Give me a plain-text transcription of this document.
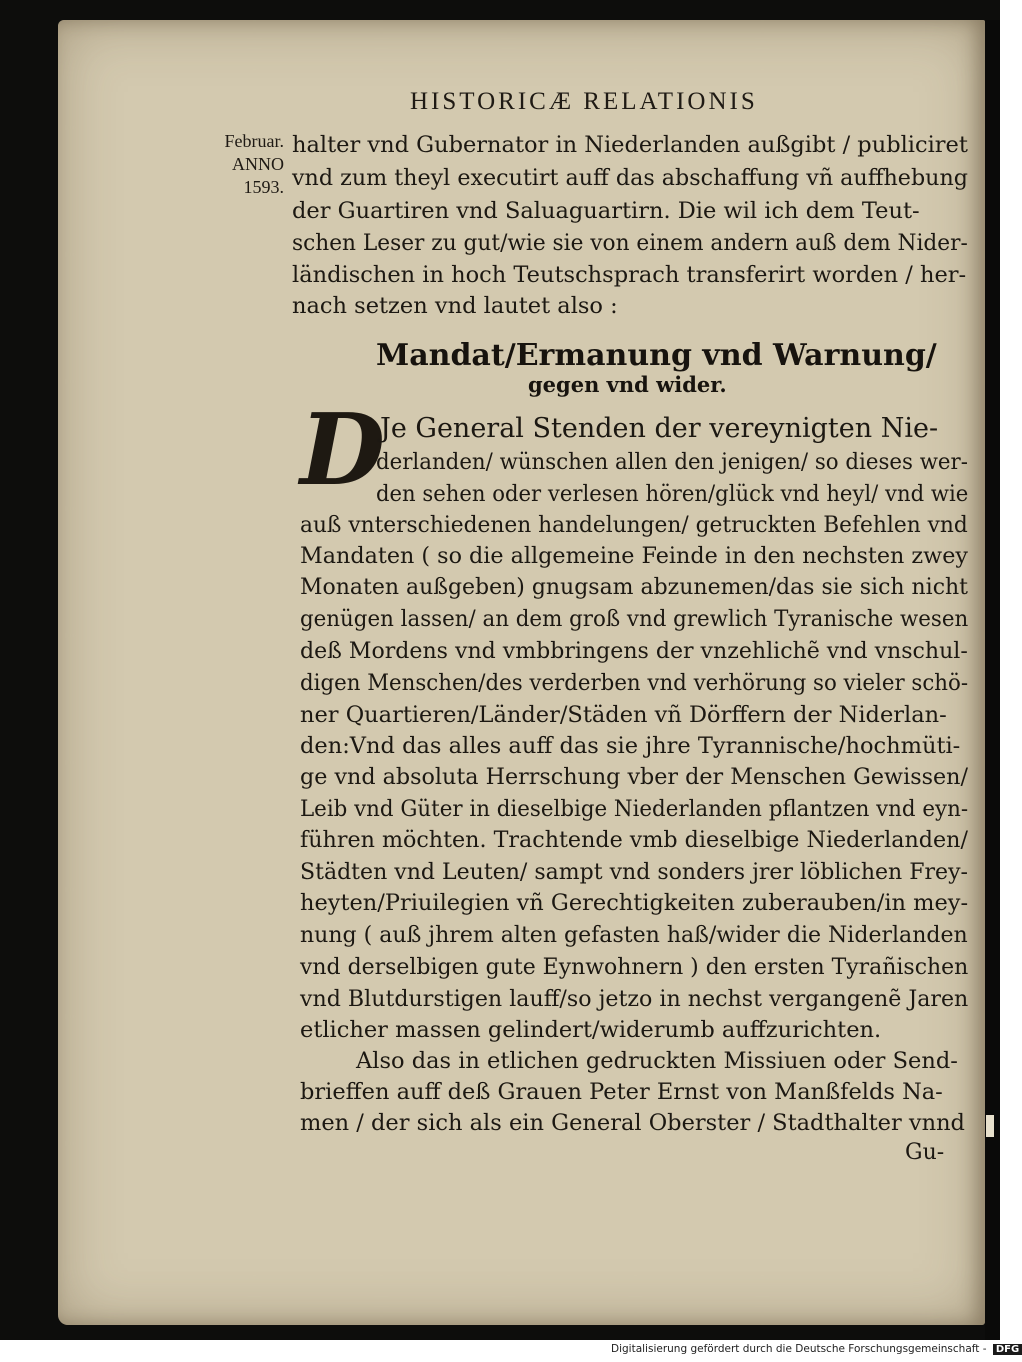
HISTORICÆ RELATIONIS
Februar.
ANNO
1593.
halter vnd Gubernator in Niederlanden außgibt / publiciret
vnd zum theyl executirt auff das abschaffung vñ auffhebung
der Guartiren vnd Saluaguartirn. Die wil ich dem Teut-
schen Leser zu gut/wie sie von einem andern auß dem Nider-
ländischen in hoch Teutschsprach transferirt worden / her-
nach setzen vnd lautet also :
Mandat/Ermanung vnd Warnung/
gegen vnd wider.
D
Je General Stenden der vereynigten Nie-
derlanden/ wünschen allen den jenigen/ so dieses wer-
den sehen oder verlesen hören/glück vnd heyl/ vnd wie
auß vnterschiedenen handelungen/ getruckten Befehlen vnd
Mandaten ( so die allgemeine Feinde in den nechsten zwey
Monaten außgeben) gnugsam abzunemen/das sie sich nicht
genügen lassen/ an dem groß vnd grewlich Tyranische wesen
deß Mordens vnd vmbbringens der vnzehlichẽ vnd vnschul-
digen Menschen/des verderben vnd verhörung so vieler schö-
ner Quartieren/Länder/Städen vñ Dörffern der Niderlan-
den:Vnd das alles auff das sie jhre Tyrannische/hochmüti-
ge vnd absoluta Herrschung vber der Menschen Gewissen/
Leib vnd Güter in dieselbige Niederlanden pflantzen vnd eyn-
führen möchten. Trachtende vmb dieselbige Niederlanden/
Städten vnd Leuten/ sampt vnd sonders jrer löblichen Frey-
heyten/Priuilegien vñ Gerechtigkeiten zuberauben/in mey-
nung ( auß jhrem alten gefasten haß/wider die Niderlanden
vnd derselbigen gute Eynwohnern ) den ersten Tyrañischen
vnd Blutdurstigen lauff/so jetzo in nechst vergangenẽ Jaren
etlicher massen gelindert/widerumb auffzurichten.
Also das in etlichen gedruckten Missiuen oder Send-
brieffen auff deß Grauen Peter Ernst von Manßfelds Na-
men / der sich als ein General Oberster / Stadthalter vnnd
Gu-
Digitalisierung gefördert durch die Deutsche Forschungsgemeinschaft - DFG
